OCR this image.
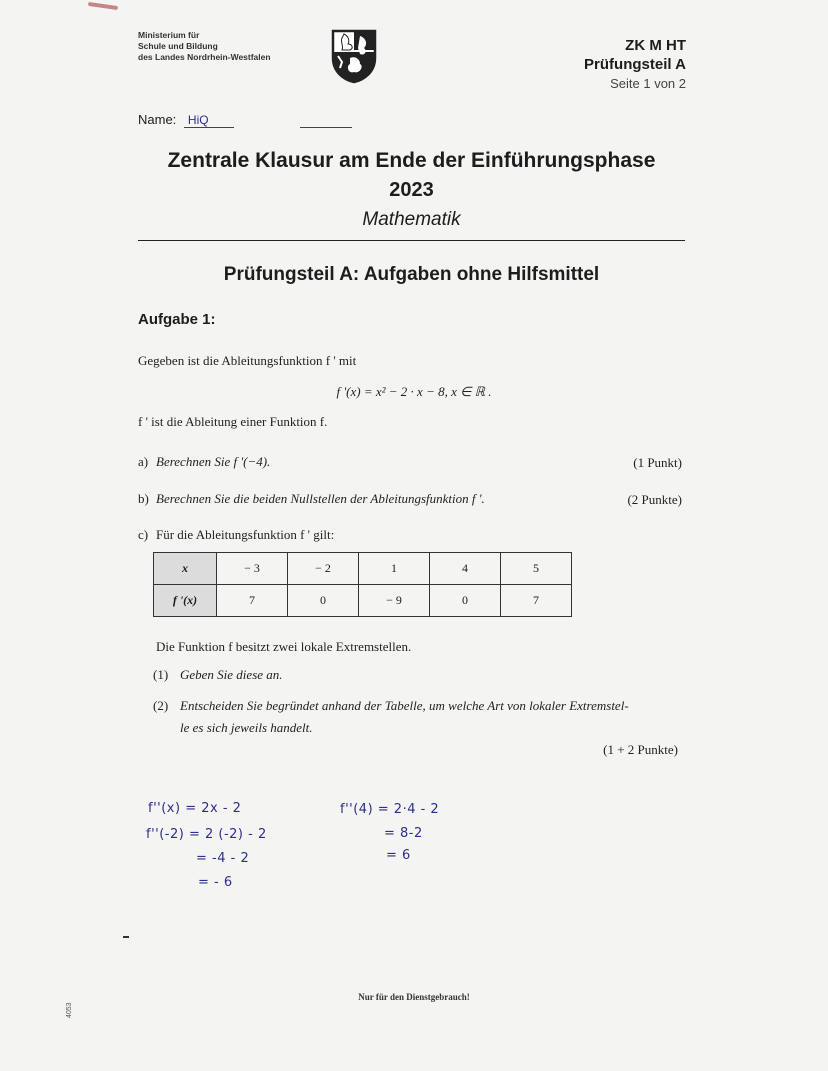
Ministerium für
Schule und Bildung
des Landes Nordrhein-Westfalen
ZK M HT
Prüfungsteil A
Seite 1 von 2
Name: HiQ
Zentrale Klausur am Ende der Einführungsphase
2023
Mathematik
Prüfungsteil A: Aufgaben ohne Hilfsmittel
Aufgabe 1:
Gegeben ist die Ableitungsfunktion f ' mit
f '(x) = x² − 2 · x − 8, x ∈ ℝ .
f ' ist die Ableitung einer Funktion f.
a) Berechnen Sie f '(−4).	(1 Punkt)
b) Berechnen Sie die beiden Nullstellen der Ableitungsfunktion f '.	(2 Punkte)
c) Für die Ableitungsfunktion f ' gilt:
x	− 3	− 2	1	4	5
f '(x)	7	0	− 9	0	7
Die Funktion f besitzt zwei lokale Extremstellen.
(1) Geben Sie diese an.
(2) Entscheiden Sie begründet anhand der Tabelle, um welche Art von lokaler Extremstel-
le es sich jeweils handelt.
(1 + 2 Punkte)
f''(x) = 2x - 2
f''(-2) = 2 (-2) - 2
= -4 - 2
= - 6
f''(4) = 2·4 - 2
= 8-2
= 6
Nur für den Dienstgebrauch!
4053
